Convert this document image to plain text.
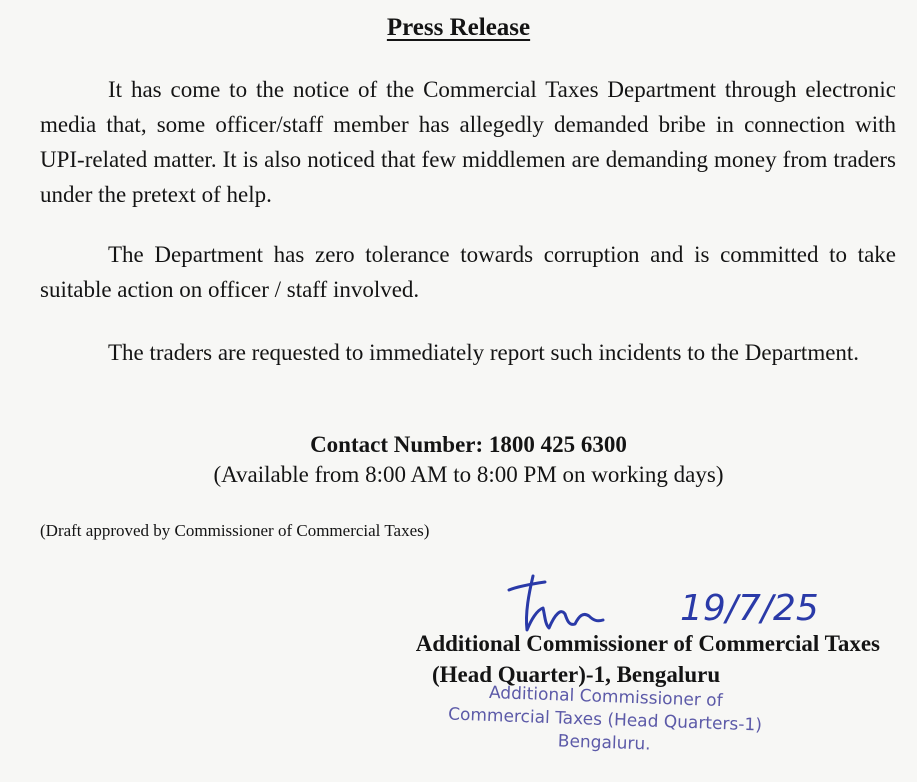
Press Release

It has come to the notice of the Commercial Taxes Department through electronic media that, some officer/staff member has allegedly demanded bribe in connection with UPI-related matter. It is also noticed that few middlemen are demanding money from traders under the pretext of help.

The Department has zero tolerance towards corruption and is committed to take suitable action on officer / staff involved.

The traders are requested to immediately report such incidents to the Department.

Contact Number: 1800 425 6300
(Available from 8:00 AM to 8:00 PM on working days)
(Draft approved by Commissioner of Commercial Taxes)
19/7/25
Additional Commissioner of Commercial Taxes
(Head Quarter)-1, Bengaluru
Additional Commissioner of
Commercial Taxes (Head Quarters-1)
Bengaluru.
